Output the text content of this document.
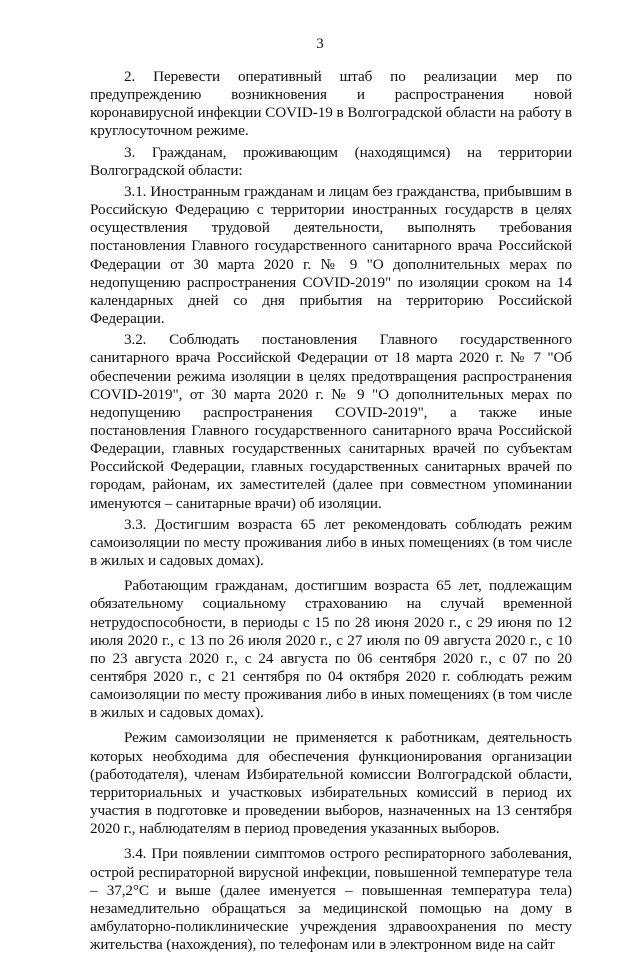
3

2. Перевести оперативный штаб по реализации мер по предупреждению возникновения и распространения новой коронавирусной инфекции COVID-19 в Волгоградской области на работу в круглосуточном режиме.

3. Гражданам, проживающим (находящимся) на территории Волгоградской области:

3.1. Иностранным гражданам и лицам без гражданства, прибывшим в Российскую Федерацию с территории иностранных государств в целях осуществления трудовой деятельности, выполнять требования постановления Главного государственного санитарного врача Российской Федерации от 30 марта 2020 г. № 9 "О дополнительных мерах по недопущению распространения COVID-2019" по изоляции сроком на 14 календарных дней со дня прибытия на территорию Российской Федерации.

3.2. Соблюдать постановления Главного государственного санитарного врача Российской Федерации от 18 марта 2020 г. № 7 "Об обеспечении режима изоляции в целях предотвращения распространения COVID-2019", от 30 марта 2020 г. № 9 "О дополнительных мерах по недопущению распространения COVID-2019", а также иные постановления Главного государственного санитарного врача Российской Федерации, главных государственных санитарных врачей по субъектам Российской Федерации, главных государственных санитарных врачей по городам, районам, их заместителей (далее при совместном упоминании именуются – санитарные врачи) об изоляции.

3.3. Достигшим возраста 65 лет рекомендовать соблюдать режим самоизоляции по месту проживания либо в иных помещениях (в том числе в жилых и садовых домах).

Работающим гражданам, достигшим возраста 65 лет, подлежащим обязательному социальному страхованию на случай временной нетрудоспособности, в периоды с 15 по 28 июня 2020 г., с 29 июня по 12 июля 2020 г., с 13 по 26 июля 2020 г., с 27 июля по 09 августа 2020 г., с 10 по 23 августа 2020 г., с 24 августа по 06 сентября 2020 г., с 07 по 20 сентября 2020 г., с 21 сентября по 04 октября 2020 г. соблюдать режим самоизоляции по месту проживания либо в иных помещениях (в том числе в жилых и садовых домах).

Режим самоизоляции не применяется к работникам, деятельность которых необходима для обеспечения функционирования организации (работодателя), членам Избирательной комиссии Волгоградской области, территориальных и участковых избирательных комиссий в период их участия в подготовке и проведении выборов, назначенных на 13 сентября 2020 г., наблюдателям в период проведения указанных выборов.

3.4. При появлении симптомов острого респираторного заболевания, острой респираторной вирусной инфекции, повышенной температуре тела – 37,2°С и выше (далее именуется – повышенная температура тела) незамедлительно обращаться за медицинской помощью на дому в амбулаторно-поликлинические учреждения здравоохранения по месту жительства (нахождения), по телефонам или в электронном виде на сайт
